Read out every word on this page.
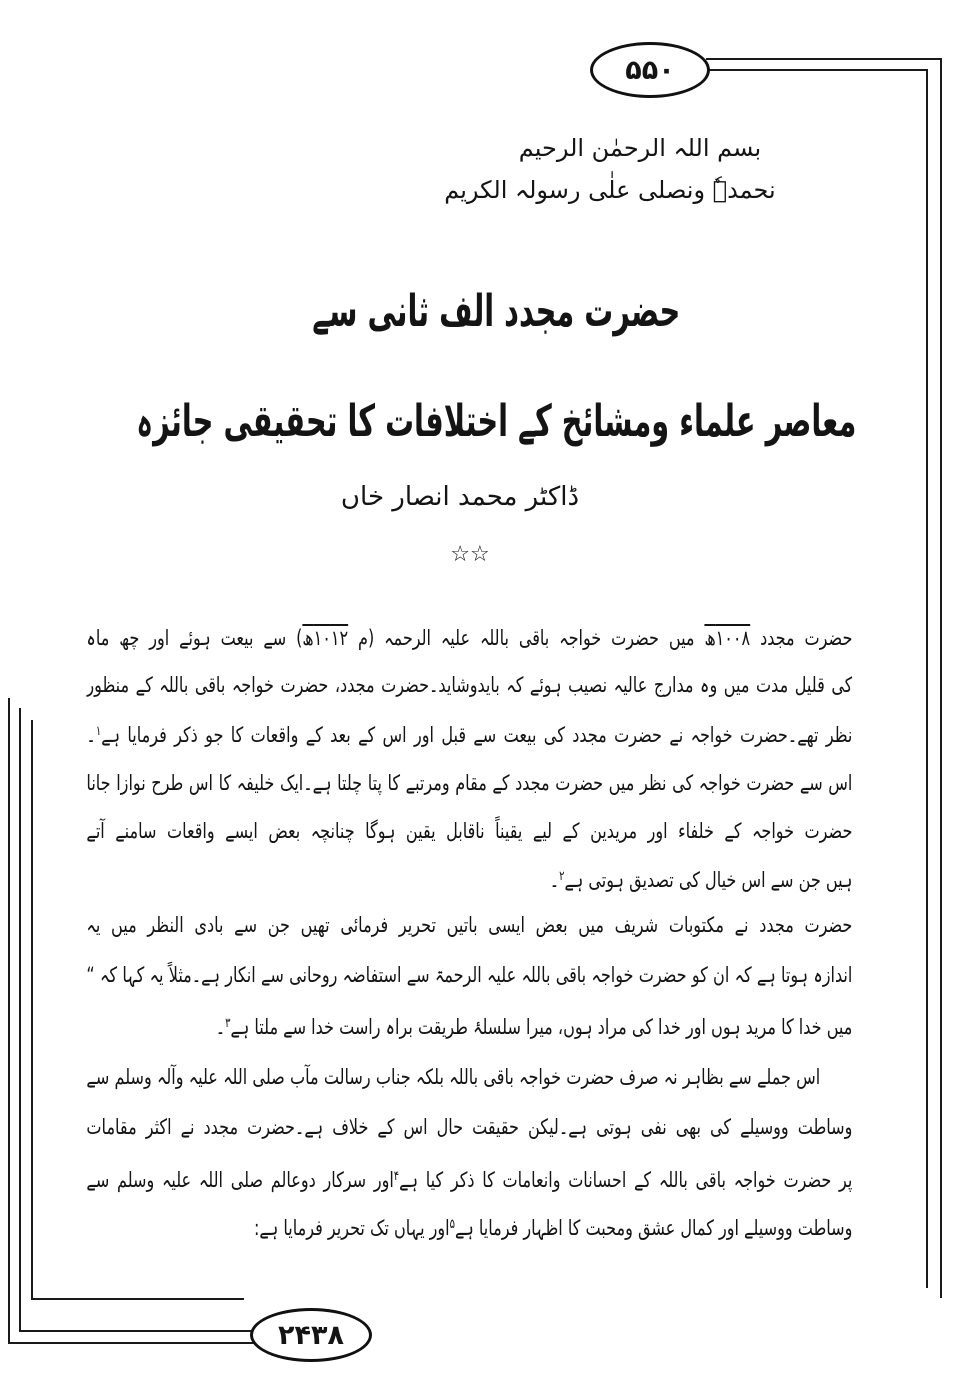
۵۵۰
۲۴۳۸
بسم اللہ الرحمٰن الرحیم
نحمدہٗ ونصلی علٰی رسولہ الکریم
حضرت مجدد الف ثانی سے
معاصر علماء ومشائخ کے اختلافات کا تحقیقی جائزہ
ڈاکٹر محمد انصار خاں
☆☆
حضرت مجدد ۱۰۰۸ھ میں حضرت خواجہ باقی باللہ علیہ الرحمہ (م ۱۰۱۲ھ) سے بیعت ہوئے اور چھ ماہ
کی قلیل مدت میں وہ مدارج عالیہ نصیب ہوئے کہ بایدوشاید۔حضرت مجدد، حضرت خواجہ باقی باللہ کے منظور
نظر تھے۔حضرت خواجہ نے حضرت مجدد کی بیعت سے قبل اور اس کے بعد کے واقعات کا جو ذکر فرمایا ہے$^۱$۔
اس سے حضرت خواجہ کی نظر میں حضرت مجدد کے مقام ومرتبے کا پتا چلتا ہے۔ایک خلیفہ کا اس طرح نوازا جانا
حضرت خواجہ کے خلفاء اور مریدین کے لیے یقیناً ناقابل یقین ہوگا چنانچہ بعض ایسے واقعات سامنے آتے
ہیں جن سے اس خیال کی تصدیق ہوتی ہے$^۲$۔
حضرت مجدد نے مکتوبات شریف میں بعض ایسی باتیں تحریر فرمائی تھیں جن سے بادی النظر میں یہ
اندازہ ہوتا ہے کہ ان کو حضرت خواجہ باقی باللہ علیہ الرحمۃ سے استفاضہ روحانی سے انکار ہے۔مثلاً یہ کہا کہ “
میں خدا کا مرید ہوں اور خدا کی مراد ہوں، میرا سلسلۂ طریقت براہ راست خدا سے ملتا ہے$^۳$۔
اس جملے سے بظاہر نہ صرف حضرت خواجہ باقی باللہ بلکہ جناب رسالت مآب صلی اللہ علیہ وآلہ وسلم سے
وساطت ووسیلے کی بھی نفی ہوتی ہے۔لیکن حقیقت حال اس کے خلاف ہے۔حضرت مجدد نے اکثر مقامات
پر حضرت خواجہ باقی باللہ کے احسانات وانعامات کا ذکر کیا ہے$^۴$اور سرکار دوعالم صلی اللہ علیہ وسلم سے
وساطت ووسیلے اور کمال عشق ومحبت کا اظہار فرمایا ہے$^۵$اور یہاں تک تحریر فرمایا ہے:
